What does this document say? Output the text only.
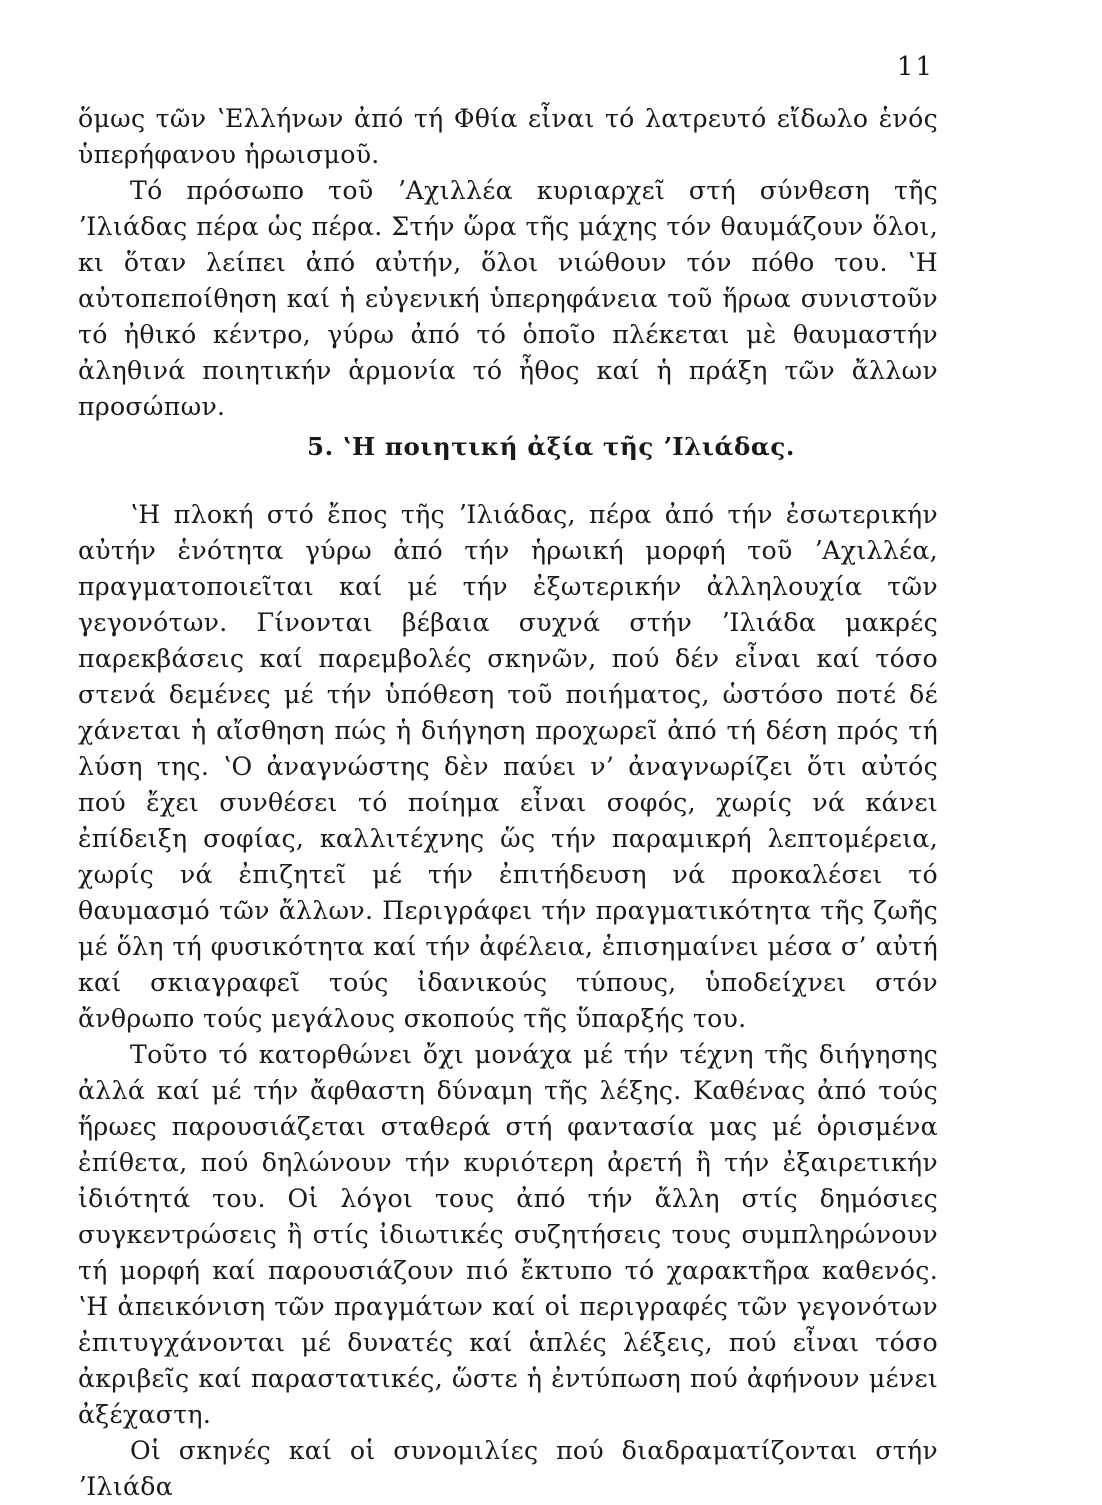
11

ὅμως τῶν ʽΕλλήνων ἀπό τή Φθία εἶναι τό λατρευτό εἴδωλο ἑνός ὑπερήφανου ἡρωισμοῦ.

Τό πρόσωπο τοῦ ʼΑχιλλέα κυριαρχεῖ στή σύνθεση τῆς ʼΙλιάδας πέρα ὡς πέρα. Στήν ὥρα τῆς μάχης τόν θαυμάζουν ὅλοι, κι ὅταν λείπει ἀπό αὐτήν, ὅλοι νιώθουν τόν πόθο του. ʽΗ αὐτοπεποίθηση καί ἡ εὐγενική ὑπερηφάνεια τοῦ ἥρωα συνιστοῦν τό ἠθικό κέντρο, γύρω ἀπό τό ὁποῖο πλέκεται μὲ θαυμαστήν ἀληθινά ποιητικήν ἁρμονία τό ἦθος καί ἡ πράξη τῶν ἄλλων προσώπων.

5. ʽΗ ποιητική ἀξία τῆς ʼΙλιάδας.

ʽΗ πλοκή στό ἔπος τῆς ʼΙλιάδας, πέρα ἀπό τήν ἐσωτερικήν αὐτήν ἑνότητα γύρω ἀπό τήν ἡρωική μορφή τοῦ ʼΑχιλλέα, πραγματοποιεῖται καί μέ τήν ἐξωτερικήν ἀλληλουχία τῶν γεγονότων. Γίνονται βέβαια συχνά στήν ʼΙλιάδα μακρές παρεκβάσεις καί παρεμβολές σκηνῶν, πού δέν εἶναι καί τόσο στενά δεμένες μέ τήν ὑπόθεση τοῦ ποιήματος, ὡστόσο ποτέ δέ χάνεται ἡ αἴσθηση πώς ἡ διήγηση προχωρεῖ ἀπό τή δέση πρός τή λύση της. ʽΟ ἀναγνώστης δὲν παύει ν’ ἀναγνωρίζει ὅτι αὐτός πού ἔχει συνθέσει τό ποίημα εἶναι σοφός, χωρίς νά κάνει ἐπίδειξη σοφίας, καλλιτέχνης ὥς τήν παραμικρή λεπτομέρεια, χωρίς νά ἐπιζητεῖ μέ τήν ἐπιτήδευση νά προκαλέσει τό θαυμασμό τῶν ἄλλων. Περιγράφει τήν πραγματικότητα τῆς ζωῆς μέ ὅλη τή φυσικότητα καί τήν ἀφέλεια, ἐπισημαίνει μέσα σ’ αὐτή καί σκιαγραφεῖ τούς ἰδανικούς τύπους, ὑποδείχνει στόν ἄνθρωπο τούς μεγάλους σκοπούς τῆς ὕπαρξής του.

Τοῦτο τό κατορθώνει ὄχι μονάχα μέ τήν τέχνη τῆς διήγησης ἀλλά καί μέ τήν ἄφθαστη δύναμη τῆς λέξης. Καθένας ἀπό τούς ἥρωες παρουσιάζεται σταθερά στή φαντασία μας μέ ὁρισμένα ἐπίθετα, πού δηλώνουν τήν κυριότερη ἀρετή ἢ τήν ἐξαιρετικήν ἰδιότητά του. Οἱ λόγοι τους ἀπό τήν ἄλλη στίς δημόσιες συγκεντρώσεις ἢ στίς ἰδιωτικές συζητήσεις τους συμπληρώνουν τή μορφή καί παρουσιάζουν πιό ἔκτυπο τό χαρακτῆρα καθενός. ʽΗ ἀπεικόνιση τῶν πραγμάτων καί οἱ περιγραφές τῶν γεγονότων ἐπιτυγχάνονται μέ δυνατές καί ἁπλές λέξεις, πού εἶναι τόσο ἀκριβεῖς καί παραστατικές, ὥστε ἡ ἐντύπωση πού ἀφήνουν μένει ἀξέχαστη.

Οἱ σκηνές καί οἱ συνομιλίες πού διαδραματίζονται στήν ʼΙλιάδα
